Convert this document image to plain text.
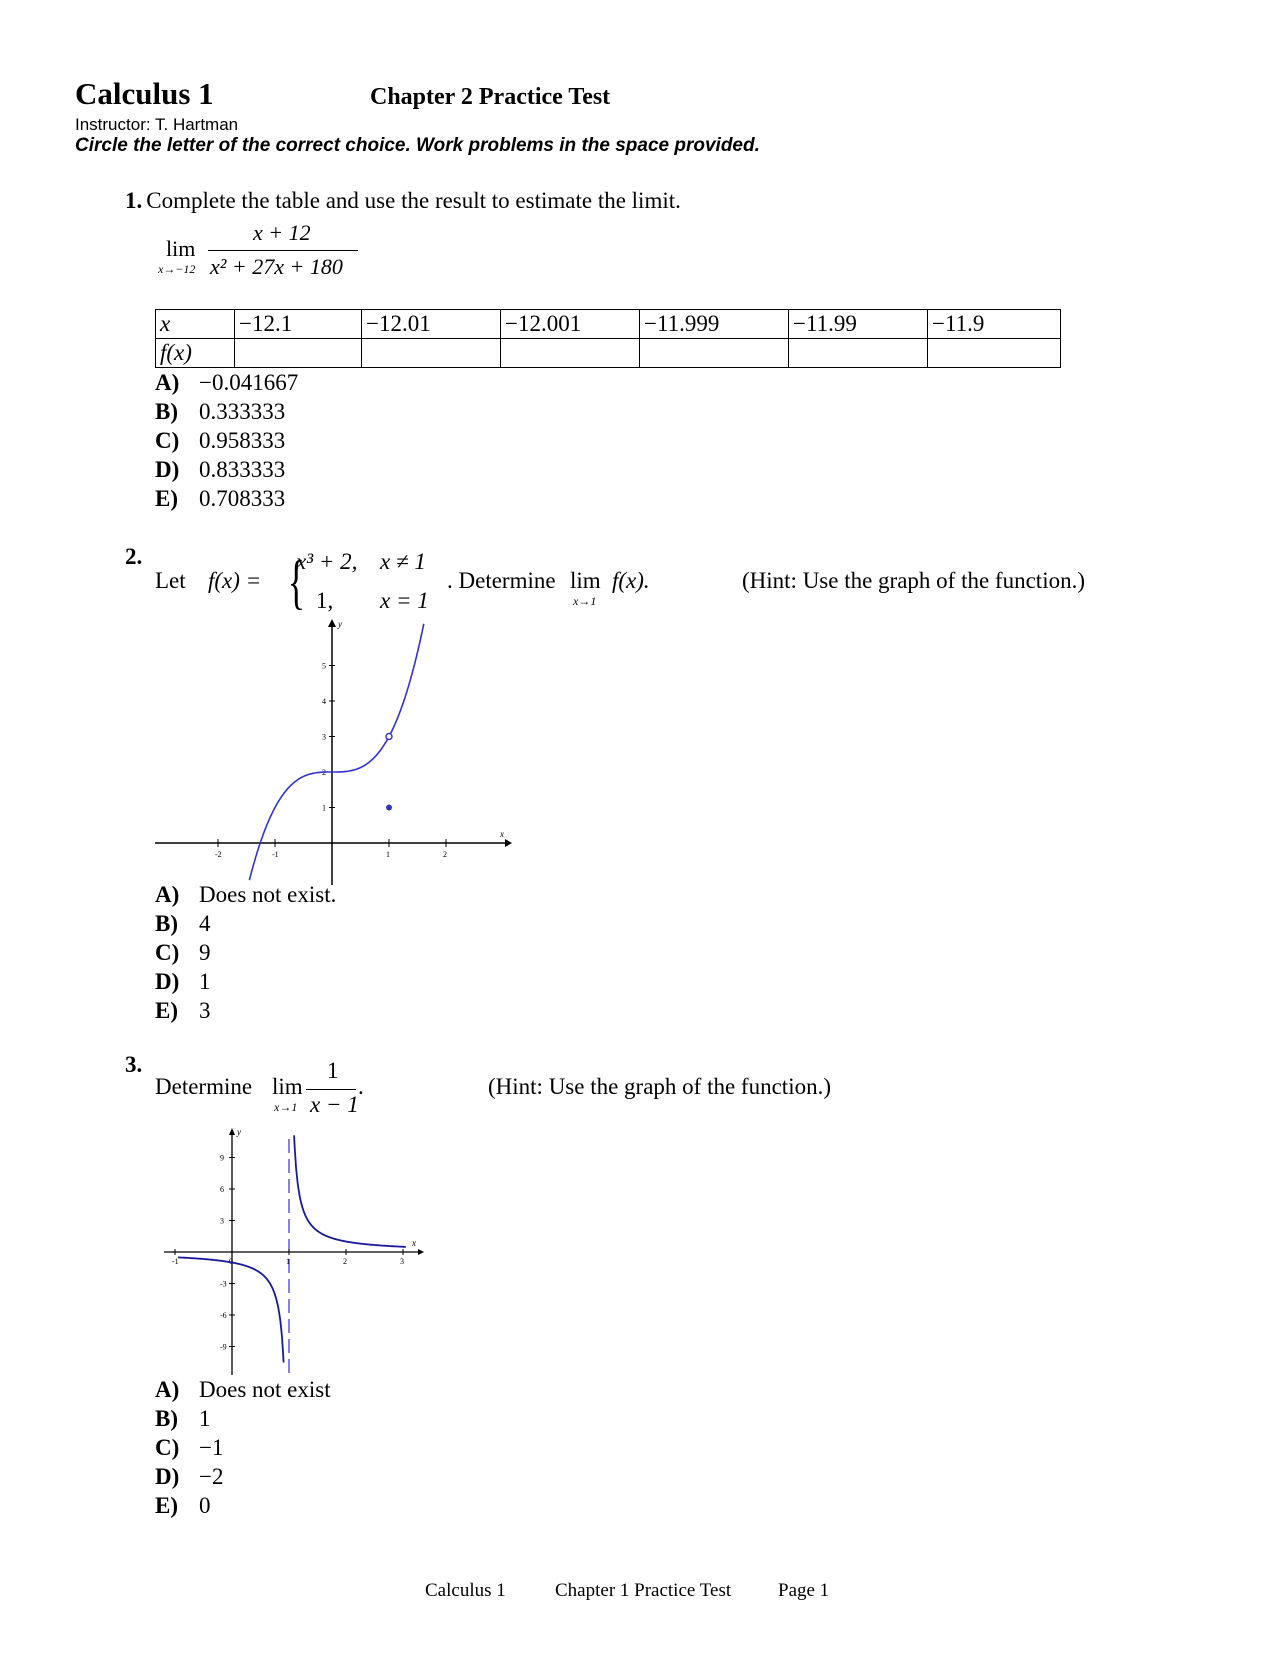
Calculus 1	Chapter 2 Practice Test
Instructor: T. Hartman
Circle the letter of the correct choice. Work problems in the space provided.
1. Complete the table and use the result to estimate the limit.
lim
x→−12
x + 12
x² + 27x + 180
x	−12.1	−12.01	−12.001	−11.999	−11.99	−11.9
f(x)						
A) −0.041667
B) 0.333333
C) 0.958333
D) 0.833333
E) 0.708333
2.
Let f(x) = {
x³ + 2, x ≠ 1
1, x = 1
. Determine lim
x→1
f(x).	(Hint: Use the graph of the function.)
-2	-1	1	2
1
2
3
4
5
x
y
A) Does not exist.
B) 4
C) 9
D) 1
E) 3
3.
Determine lim
x→1
1
x − 1
.	(Hint: Use the graph of the function.)
-1	0	1	2	3
9
6
3
-3
-6
-9
x
y
A) Does not exist
B) 1
C) −1
D) −2
E) 0
Calculus 1	Chapter 1 Practice Test Page 1
